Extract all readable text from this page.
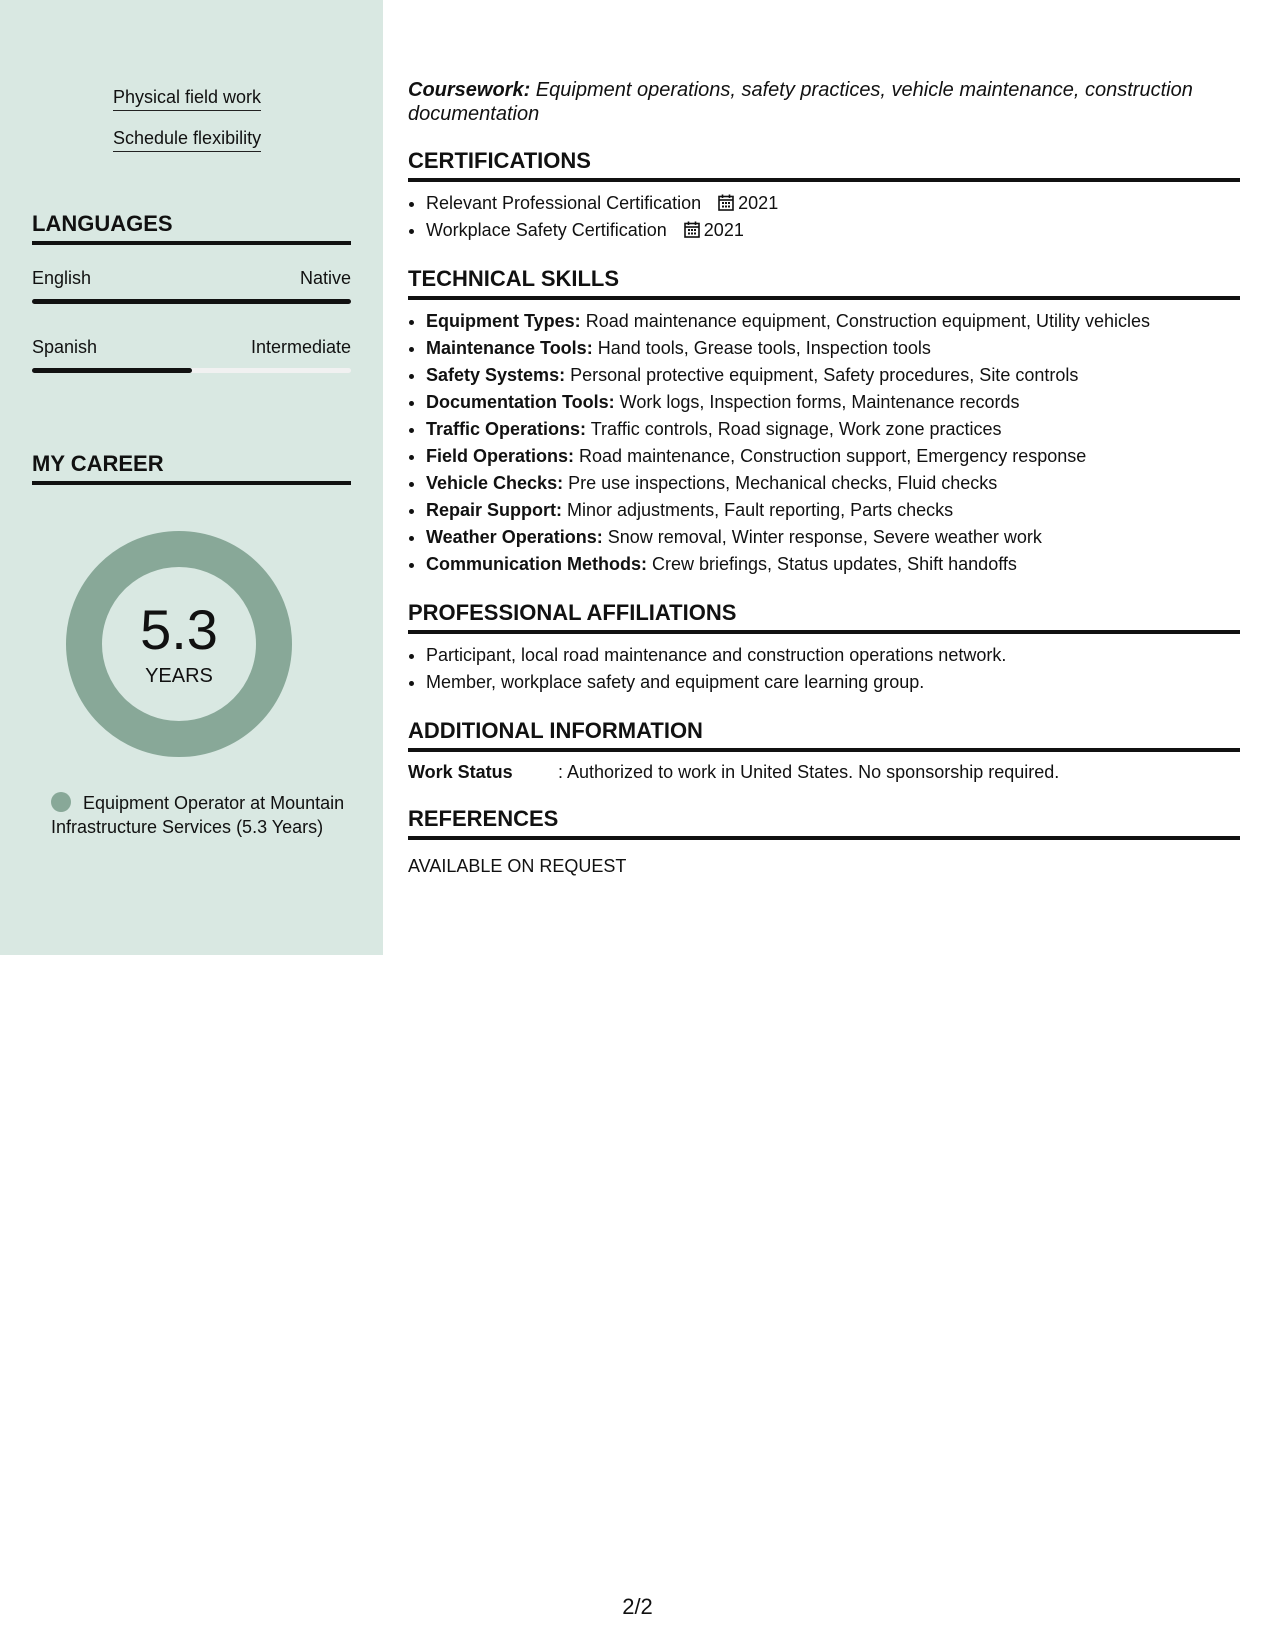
Physical field work
Schedule flexibility
LANGUAGES
English	Native
Spanish	Intermediate
MY CAREER
5.3
YEARS
Equipment Operator at Mountain Infrastructure Services (5.3 Years)
Coursework: Equipment operations, safety practices, vehicle maintenance, construction documentation
CERTIFICATIONS
• Relevant Professional Certification 2021
• Workplace Safety Certification 2021
TECHNICAL SKILLS
• Equipment Types: Road maintenance equipment, Construction equipment, Utility vehicles
• Maintenance Tools: Hand tools, Grease tools, Inspection tools
• Safety Systems: Personal protective equipment, Safety procedures, Site controls
• Documentation Tools: Work logs, Inspection forms, Maintenance records
• Traffic Operations: Traffic controls, Road signage, Work zone practices
• Field Operations: Road maintenance, Construction support, Emergency response
• Vehicle Checks: Pre use inspections, Mechanical checks, Fluid checks
• Repair Support: Minor adjustments, Fault reporting, Parts checks
• Weather Operations: Snow removal, Winter response, Severe weather work
• Communication Methods: Crew briefings, Status updates, Shift handoffs
PROFESSIONAL AFFILIATIONS
• Participant, local road maintenance and construction operations network.
• Member, workplace safety and equipment care learning group.
ADDITIONAL INFORMATION
Work Status	: Authorized to work in United States. No sponsorship required.
REFERENCES
AVAILABLE ON REQUEST
2/2
